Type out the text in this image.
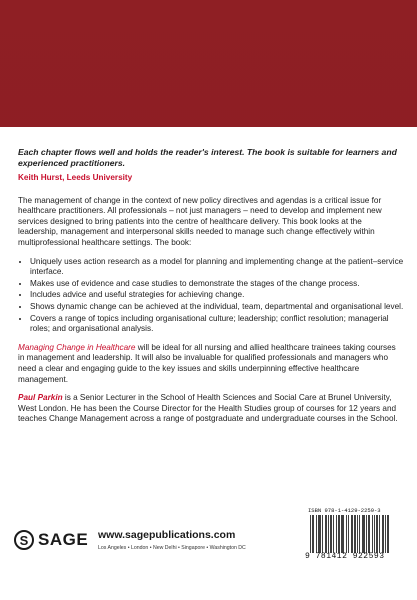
Each chapter flows well and holds the reader's interest. The book is suitable for learners and experienced practitioners.
Keith Hurst, Leeds University
The management of change in the context of new policy directives and agendas is a critical issue for healthcare practitioners. All professionals – not just managers – need to develop and implement new services designed to bring patients into the centre of healthcare delivery. This book looks at the leadership, management and interpersonal skills needed to manage such change effectively within multiprofessional healthcare settings. The book:
• Uniquely uses action research as a model for planning and implementing change at the patient–service interface.
• Makes use of evidence and case studies to demonstrate the stages of the change process.
• Includes advice and useful strategies for achieving change.
• Shows dynamic change can be achieved at the individual, team, departmental and organisational level.
• Covers a range of topics including organisational culture; leadership; conflict resolution; managerial roles; and organisational analysis.
Managing Change in Healthcare will be ideal for all nursing and allied healthcare trainees taking courses in management and leadership. It will also be invaluable for qualified professionals and managers who need a clear and engaging guide to the key issues and skills underpinning effective healthcare management.
Paul Parkin is a Senior Lecturer in the School of Health Sciences and Social Care at Brunel University, West London. He has been the Course Director for the Health Studies group of courses for 12 years and teaches Change Management across a range of postgraduate and undergraduate courses in the School.
S SAGE www.sagepublications.com
Los Angeles • London • New Delhi • Singapore • Washington DC
ISBN 978-1-4129-2259-3
9 781412 922593
